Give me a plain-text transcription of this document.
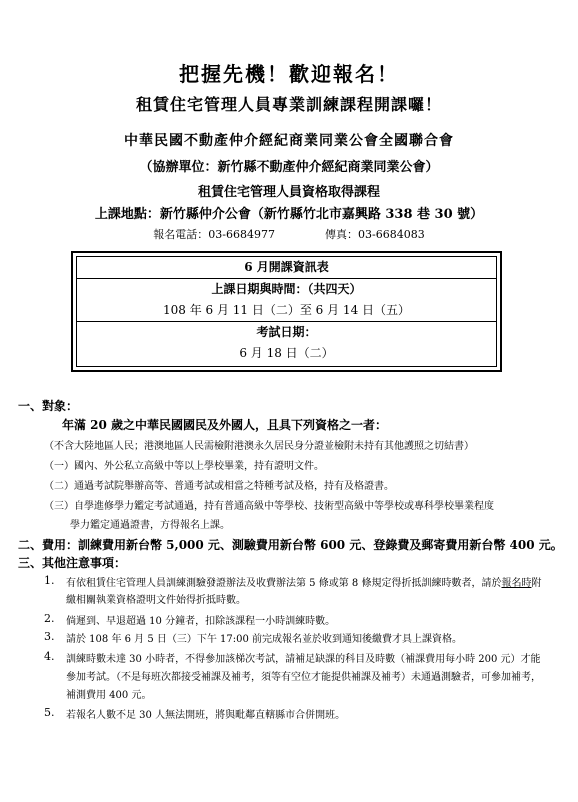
把握先機！歡迎報名！
租賃住宅管理人員專業訓練課程開課囉！
中華民國不動產仲介經紀商業同業公會全國聯合會
（協辦單位：新竹縣不動產仲介經紀商業同業公會）
租賃住宅管理人員資格取得課程
上課地點：新竹縣仲介公會（新竹縣竹北市嘉興路 338 巷 30 號）
報名電話：03-6684977	傳真：03-6684083
6 月開課資訊表
上課日期與時間：（共四天）
108 年 6 月 11 日（二）至 6 月 14 日（五）
考試日期：
6 月 18 日（二）
一、對象：
年滿 20 歲之中華民國國民及外國人，且具下列資格之一者：
（不含大陸地區人民；港澳地區人民需檢附港澳永久居民身分證並檢附未持有其他護照之切結書）
（一）國內、外公私立高級中等以上學校畢業，持有證明文件。
（二）通過考試院舉辦高等、普通考試或相當之特種考試及格，持有及格證書。
（三）自學進修學力鑑定考試通過，持有普通高級中等學校、技術型高級中等學校或專科學校畢業程度
學力鑑定通過證書，方得報名上課。
二、費用：訓練費用新台幣 5,000 元、測驗費用新台幣 600 元、登錄費及郵寄費用新台幣 400 元。
三、其他注意事項：
1.	有依租賃住宅管理人員訓練測驗發證辦法及收費辦法第 5 條或第 8 條規定得折抵訓練時數者，請於報名時附
繳相關執業資格證明文件始得折抵時數。
2.	倘遲到、早退超過 10 分鐘者，扣除該課程一小時訓練時數。
3.	請於 108 年 6 月 5 日（三）下午 17:00 前完成報名並於收到通知後繳費才具上課資格。
4.	訓練時數未達 30 小時者，不得參加該梯次考試，請補足缺課的科目及時數（補課費用每小時 200 元）才能
參加考試。（不是每班次都接受補課及補考，須等有空位才能提供補課及補考）未通過測驗者，可參加補考，
補測費用 400 元。
5.	若報名人數不足 30 人無法開班，將與毗鄰直轄縣市合併開班。
